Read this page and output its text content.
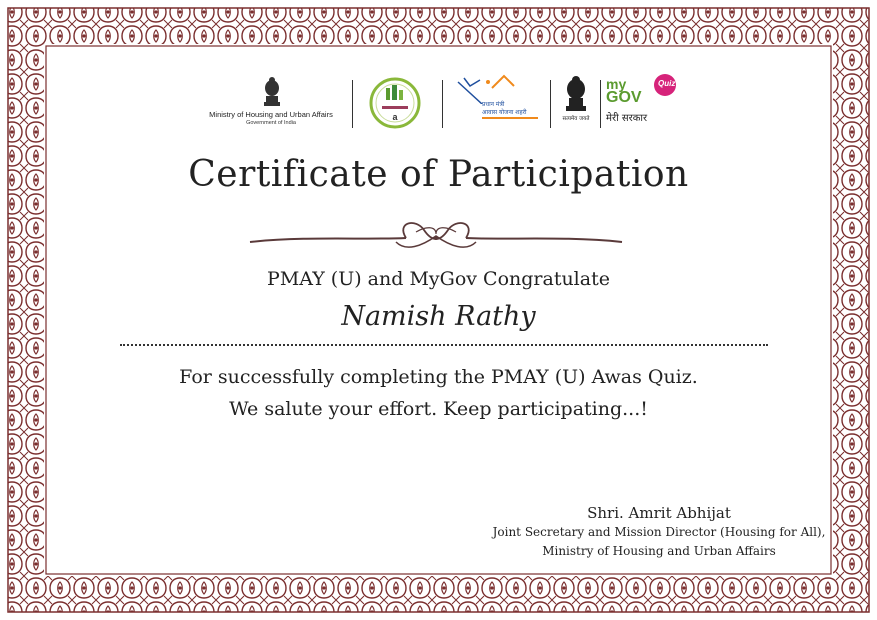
Ministry of Housing and Urban Affairs
Government of India
a
प्रधान मंत्री
आवास योजना शहरी
सत्यमेव जयते
my
GOV
Quiz
मेरी सरकार
Certificate of Participation
PMAY (U) and MyGov Congratulate
Namish Rathy
For successfully completing the PMAY (U) Awas Quiz.
We salute your effort. Keep participating...!
Shri. Amrit Abhijat
Joint Secretary and Mission Director (Housing for All),
Ministry of Housing and Urban Affairs
